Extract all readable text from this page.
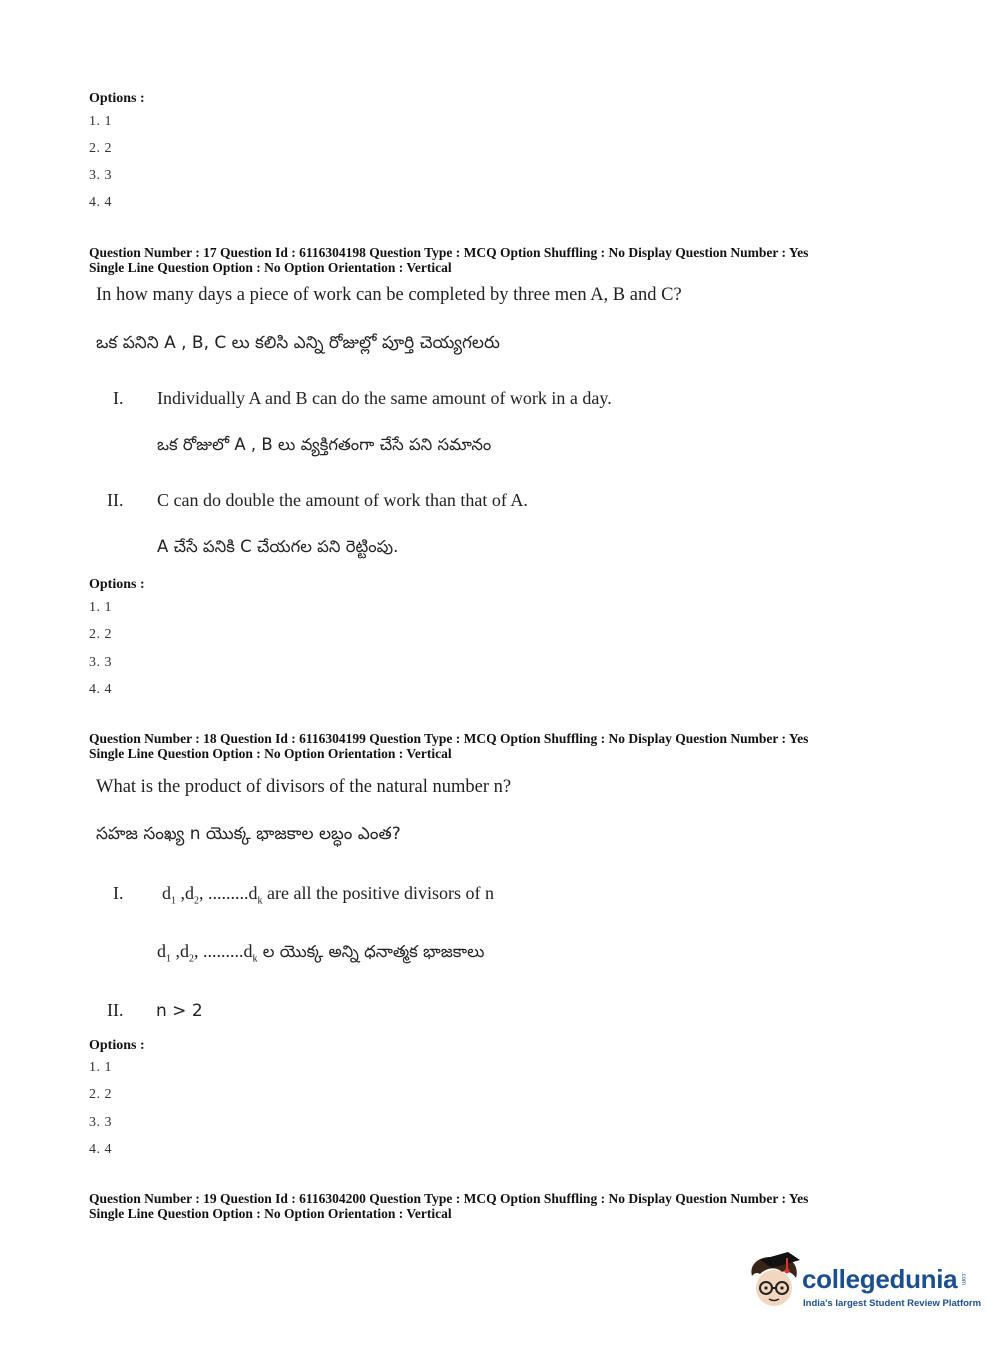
Options :
1. 1
2. 2
3. 3
4. 4
Question Number : 17 Question Id : 6116304198 Question Type : MCQ Option Shuffling : No Display Question Number : Yes
Single Line Question Option : No Option Orientation : Vertical
In how many days a piece of work can be completed by three men A, B and C?
ఒక పనిని A , B, C లు కలిసి ఎన్ని రోజుల్లో పూర్తి చెయ్యగలరు
I. Individually A and B can do the same amount of work in a day.
ఒక రోజులో A , B లు వ్యక్తిగతంగా చేసే పని సమానం
II. C can do double the amount of work than that of A.
A చేసే పనికి C చేయగల పని రెట్టింపు.
Options :
1. 1
2. 2
3. 3
4. 4
Question Number : 18 Question Id : 6116304199 Question Type : MCQ Option Shuffling : No Display Question Number : Yes
Single Line Question Option : No Option Orientation : Vertical
What is the product of divisors of the natural number n?
సహజ సంఖ్య n యొక్క భాజకాల లబ్ధం ఎంత?
I. $d_1$ $,d_2$, $.........d_k$ are all the positive divisors of n
$d_1$ $,d_2$, $.........d_k$ ల యొక్క అన్ని ధనాత్మక భాజకాలు
II. n > 2
Options :
1. 1
2. 2
3. 3
4. 4
Question Number : 19 Question Id : 6116304200 Question Type : MCQ Option Shuffling : No Display Question Number : Yes
Single Line Question Option : No Option Orientation : Vertical
collegedunia .com
India's largest Student Review Platform
